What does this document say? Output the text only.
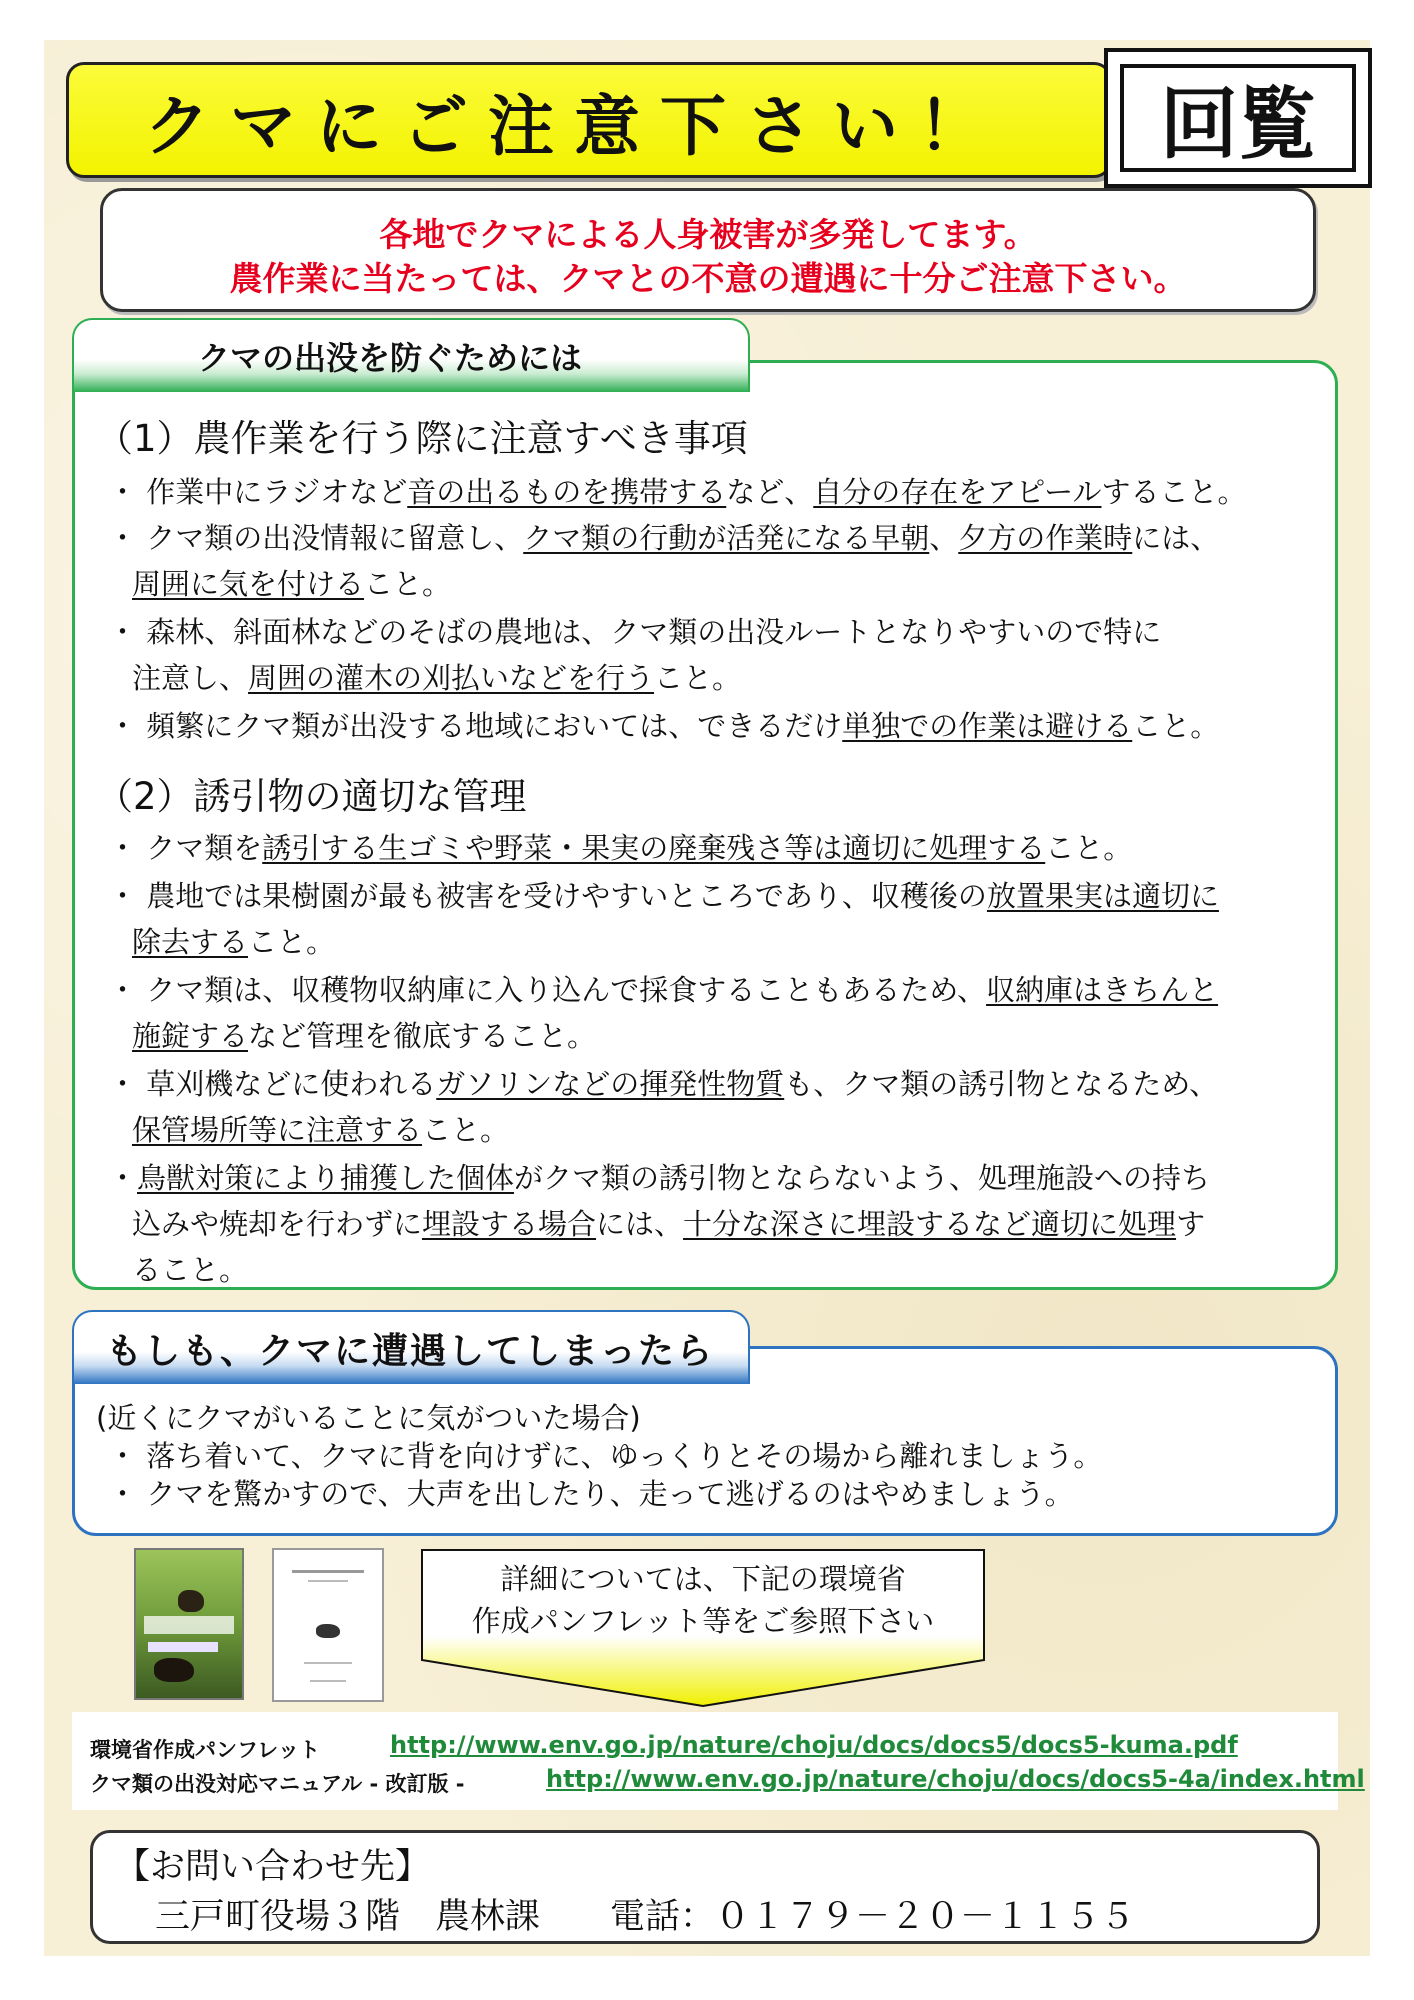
クマにご注意下さい！	回覧
各地でクマによる人身被害が多発してます。
農作業に当たっては、クマとの不意の遭遇に十分ご注意下さい。
クマの出没を防ぐためには
（1）農作業を行う際に注意すべき事項
・ 作業中にラジオなど音の出るものを携帯するなど、自分の存在をアピールすること。
・ クマ類の出没情報に留意し、クマ類の行動が活発になる早朝、夕方の作業時には、
周囲に気を付けること。
・ 森林、斜面林などのそばの農地は、クマ類の出没ルートとなりやすいので特に
注意し、周囲の灌木の刈払いなどを行うこと。
・ 頻繁にクマ類が出没する地域においては、できるだけ単独での作業は避けること。
（2）誘引物の適切な管理
・ クマ類を誘引する生ゴミや野菜・果実の廃棄残さ等は適切に処理すること。
・ 農地では果樹園が最も被害を受けやすいところであり、収穫後の放置果実は適切に
除去すること。
・ クマ類は、収穫物収納庫に入り込んで採食することもあるため、収納庫はきちんと
施錠するなど管理を徹底すること。
・ 草刈機などに使われるガソリンなどの揮発性物質も、クマ類の誘引物となるため、
保管場所等に注意すること。
・鳥獣対策により捕獲した個体がクマ類の誘引物とならないよう、処理施設への持ち
込みや焼却を行わずに埋設する場合には、十分な深さに埋設するなど適切に処理す
ること。
もしも、クマに遭遇してしまったら
(近くにクマがいることに気がついた場合)
・ 落ち着いて、クマに背を向けずに、ゆっくりとその場から離れましょう。
・ クマを驚かすので、大声を出したり、走って逃げるのはやめましょう。
詳細については、下記の環境省
作成パンフレット等をご参照下さい
環境省作成パンフレット	http://www.env.go.jp/nature/choju/docs/docs5/docs5-kuma.pdf
クマ類の出没対応マニュアル - 改訂版 -	http://www.env.go.jp/nature/choju/docs/docs5-4a/index.html
【お問い合わせ先】
三戸町役場３階　農林課　　電話：０１７９－２０－１１５５
